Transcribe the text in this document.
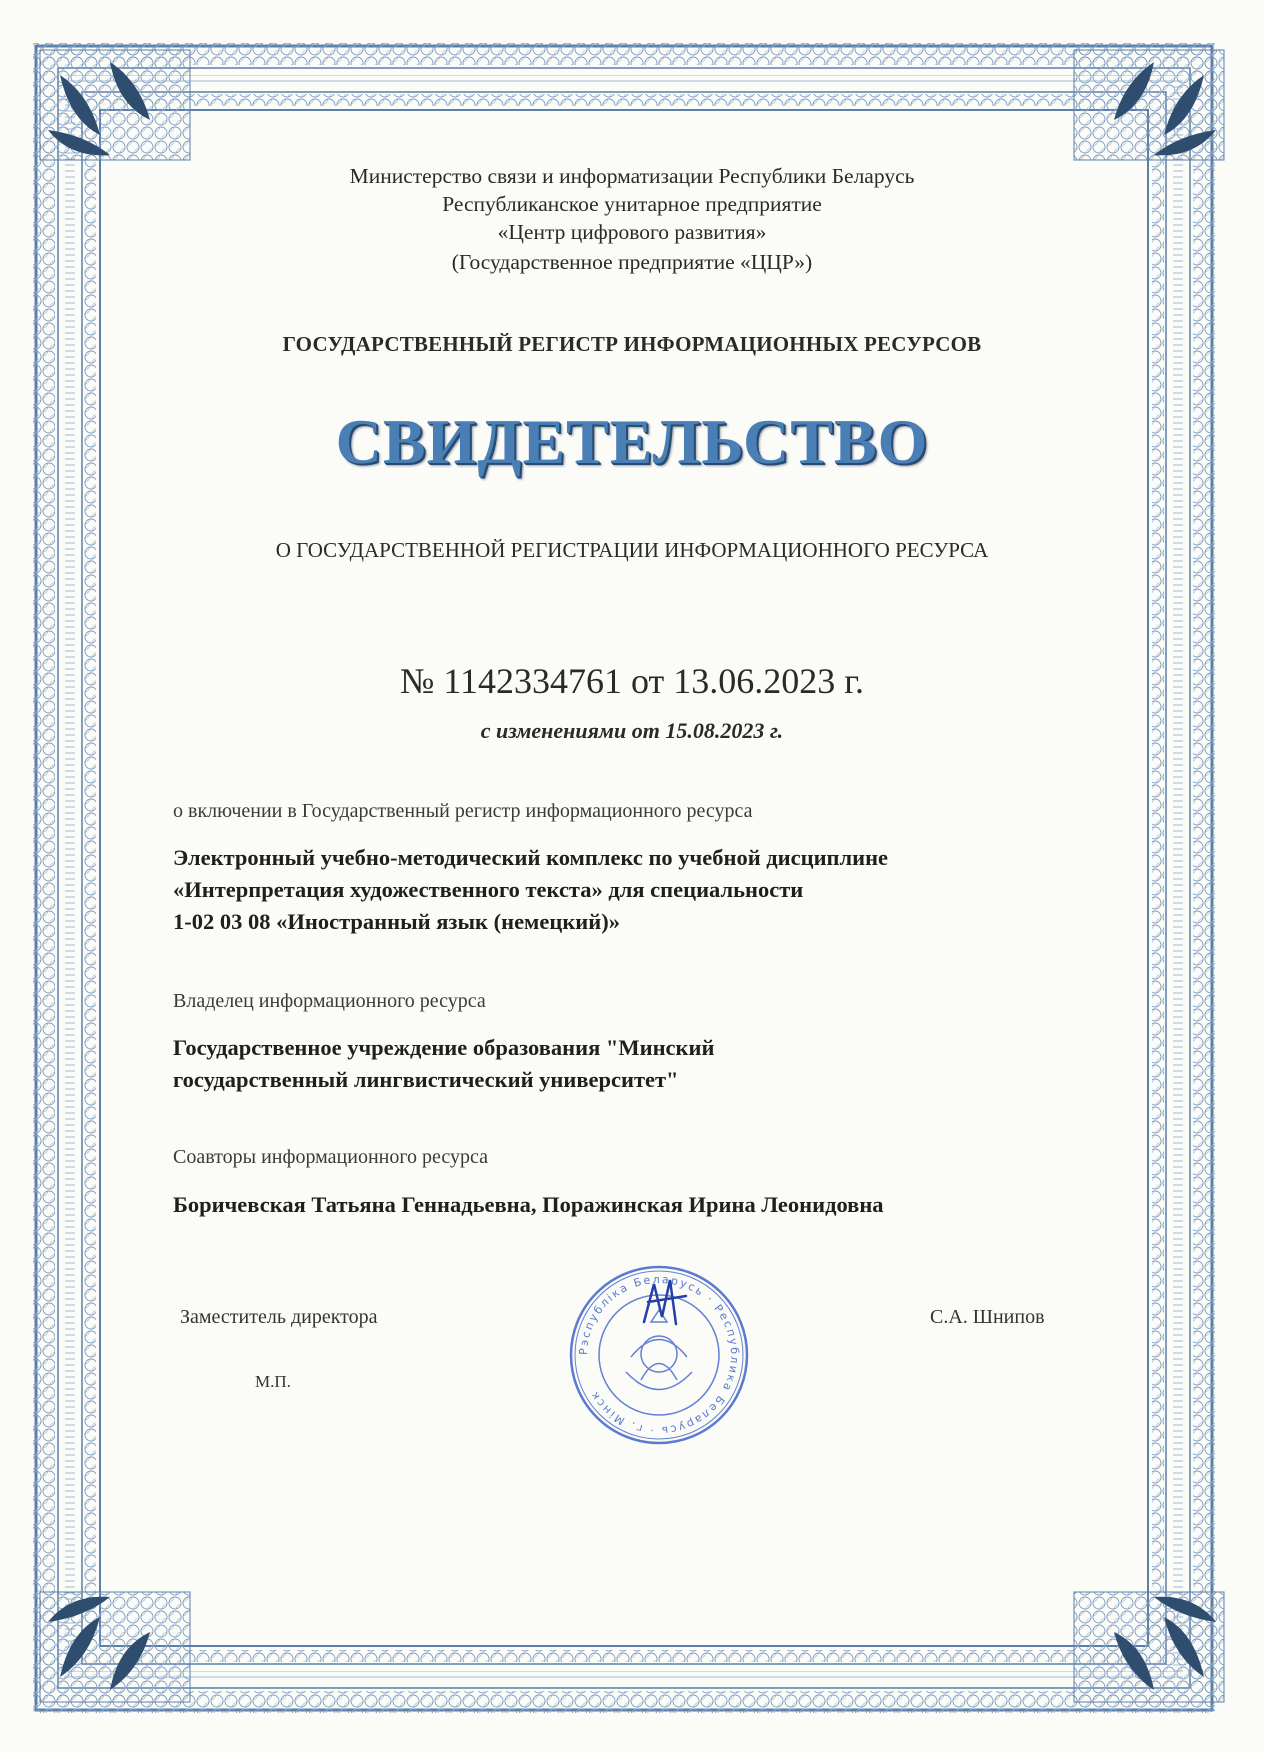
Министерство связи и информатизации Республики Беларусь
Республиканское унитарное предприятие
«Центр цифрового развития»
(Государственное предприятие «ЦЦР»)
ГОСУДАРСТВЕННЫЙ РЕГИСТР ИНФОРМАЦИОННЫХ РЕСУРСОВ
СВИДЕТЕЛЬСТВО
О ГОСУДАРСТВЕННОЙ РЕГИСТРАЦИИ ИНФОРМАЦИОННОГО РЕСУРСА
№ 1142334761 от 13.06.2023 г.
с изменениями от 15.08.2023 г.
о включении в Государственный регистр информационного ресурса
Электронный учебно-методический комплекс по учебной дисциплине
«Интерпретация художественного текста» для специальности
1-02 03 08 «Иностранный язык (немецкий)»
Владелец информационного ресурса
Государственное учреждение образования "Минский
государственный лингвистический университет"
Соавторы информационного ресурса
Боричевская Татьяна Геннадьевна, Поражинская Ирина Леонидовна
Заместитель директора
М.П.
С.А. Шнипов
Рэспубліка Беларусь · Республика Беларусь · г. Мінск
